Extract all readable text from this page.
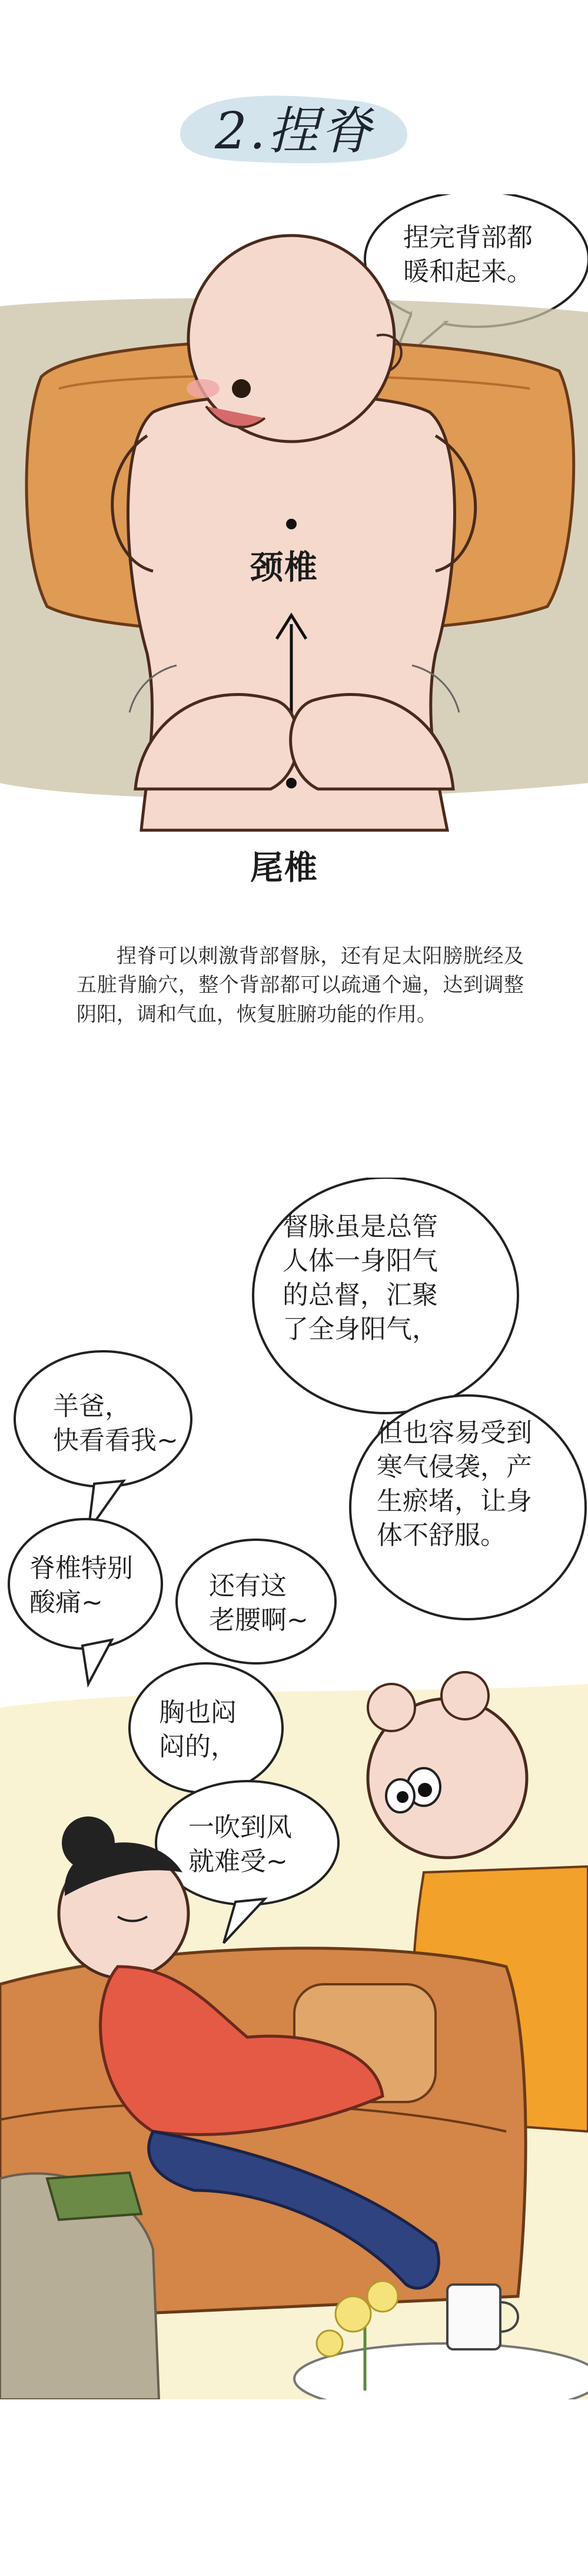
2.捏脊
捏完背部都
暖和起来。
颈椎
尾椎
捏脊可以刺激背部督脉，还有足太阳膀胱经及五脏背腧穴，整个背部都可以疏通个遍，达到调整阴阳，调和气血，恢复脏腑功能的作用。
督脉虽是总管
人体一身阳气
的总督，汇聚
了全身阳气，
但也容易受到
寒气侵袭，产
生瘀堵，让身
体不舒服。
羊爸，
快看看我~
脊椎特别
酸痛~
还有这
老腰啊~
胸也闷
闷的，
一吹到风
就难受~
